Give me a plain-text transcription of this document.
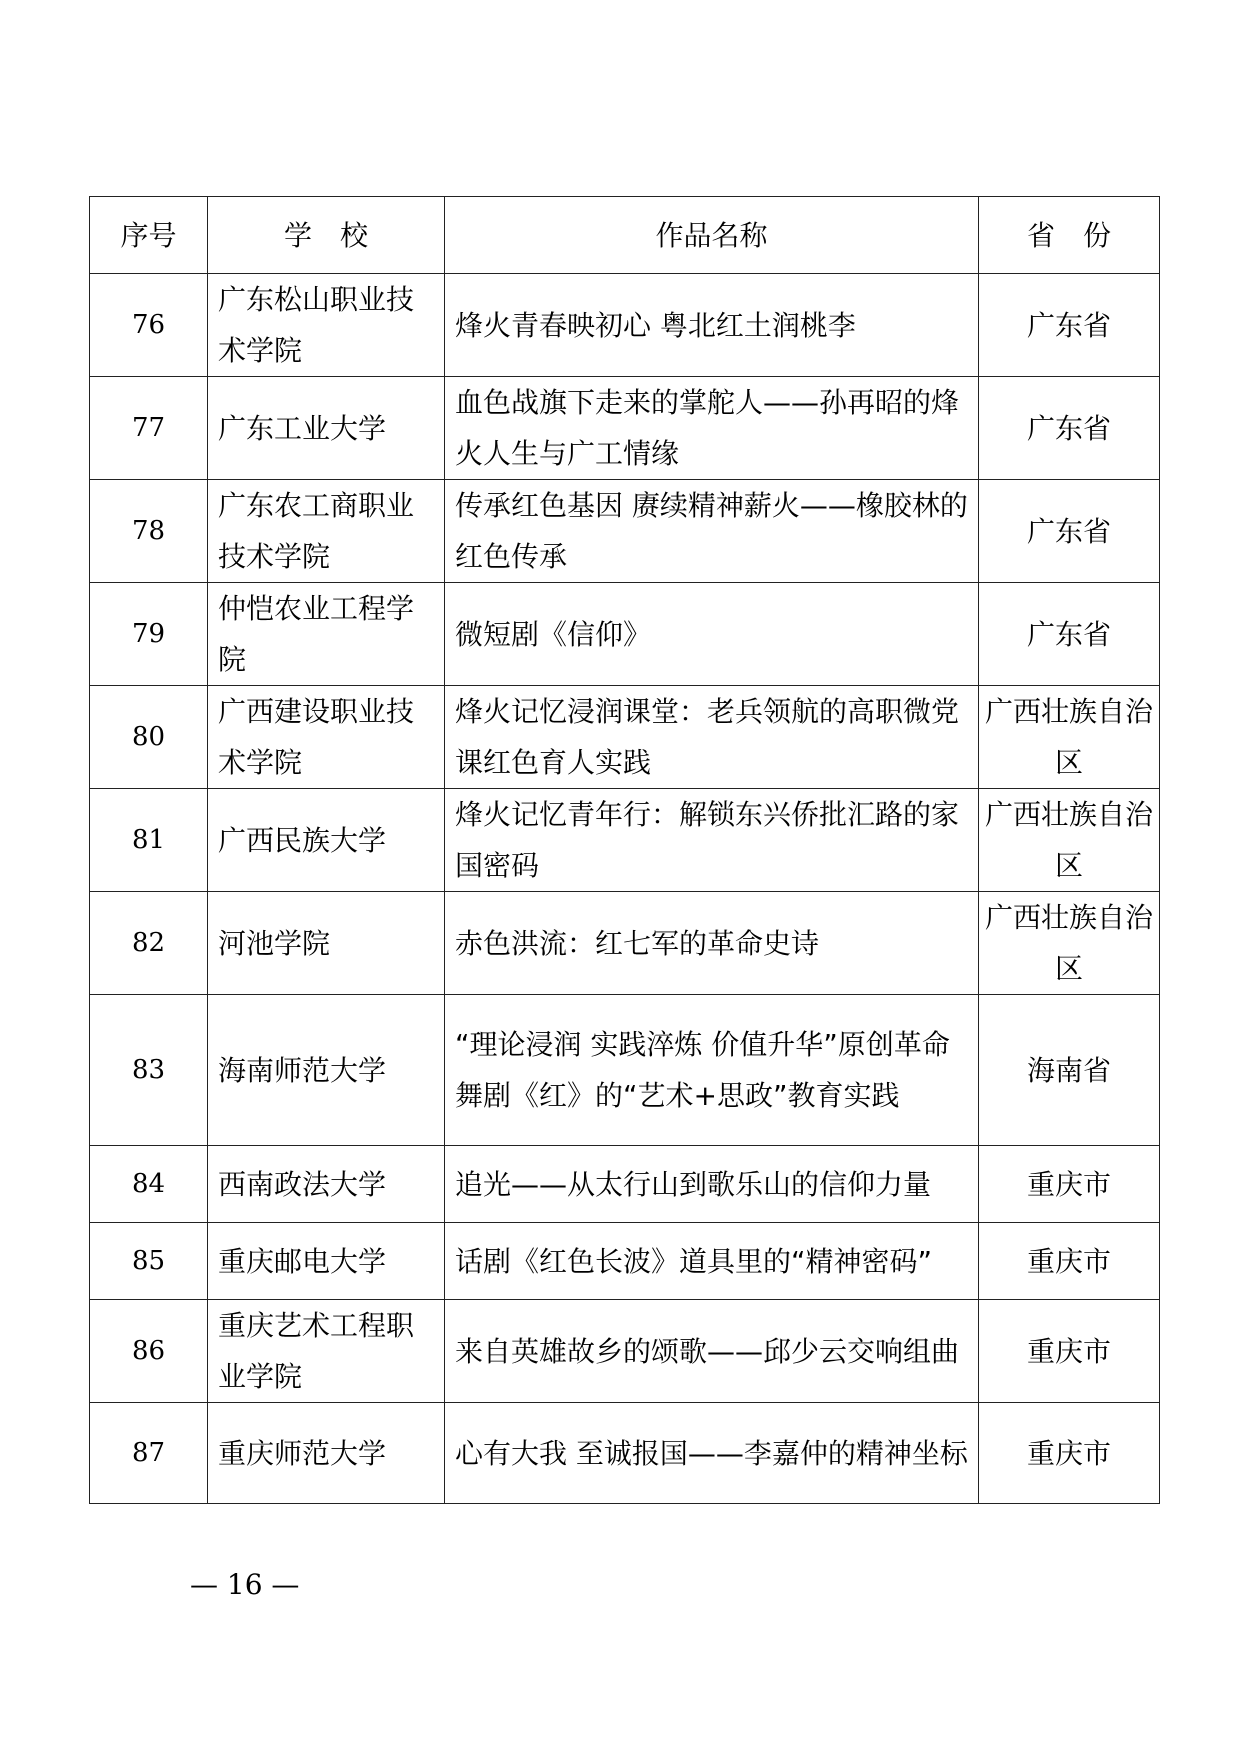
序号	学　校	作品名称	省　份
76	广东松山职业技术学院	烽火青春映初心 粤北红土润桃李	广东省
77	广东工业大学	血色战旗下走来的掌舵人——孙再昭的烽火人生与广工情缘	广东省
78	广东农工商职业技术学院	传承红色基因 赓续精神薪火——橡胶林的红色传承	广东省
79	仲恺农业工程学院	微短剧《信仰》	广东省
80	广西建设职业技术学院	烽火记忆浸润课堂：老兵领航的高职微党课红色育人实践	广西壮族自治区
81	广西民族大学	烽火记忆青年行：解锁东兴侨批汇路的家国密码	广西壮族自治区
82	河池学院	赤色洪流：红七军的革命史诗	广西壮族自治区
83	海南师范大学	“理论浸润 实践淬炼 价值升华”原创革命舞剧《红》的“艺术+思政”教育实践	海南省
84	西南政法大学	追光——从太行山到歌乐山的信仰力量	重庆市
85	重庆邮电大学	话剧《红色长波》道具里的“精神密码”	重庆市
86	重庆艺术工程职业学院	来自英雄故乡的颂歌——邱少云交响组曲	重庆市
87	重庆师范大学	心有大我 至诚报国——李嘉仲的精神坐标	重庆市
— 16 —
